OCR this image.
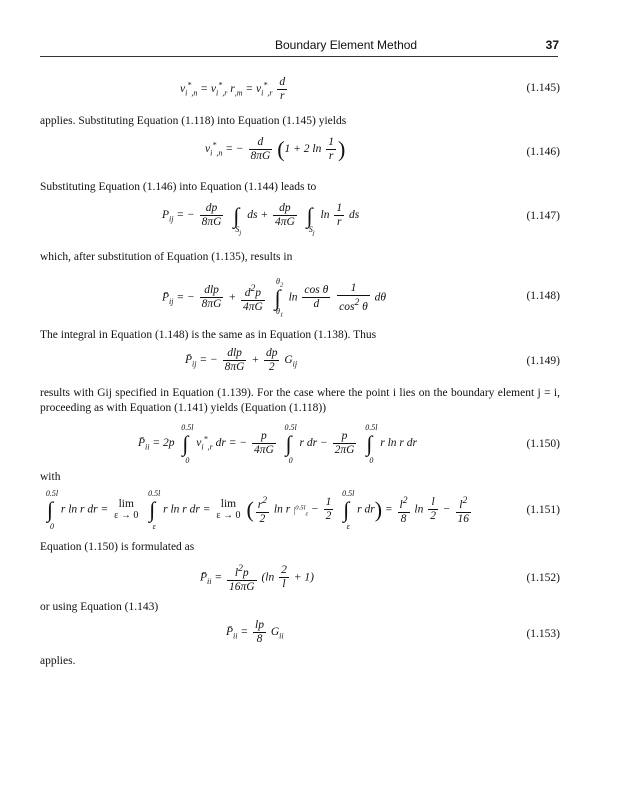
Boundary Element Method	37
$v_i^*_{,n} = v_i^*_{,r}$ $r_{,m} = v_i^*_{,r} \frac{d}{r}$	(1.145)
applies. Substituting Equation (1.118) into Equation (1.145) yields
$v_i^*_{,n}$ = − $\frac{d}{8\pi G} (1 + 2$ $\ln \frac{1}{r}$ )	(1.146)
Substituting Equation (1.146) into Equation (1.144) leads to
$P_{ij}$ = − $\frac{dp}{8\pi G}$ ∫
$S_j$
ds + $\frac{dp}{4\pi G}$ ∫
$S_j$
$\ln \frac{1}{r}$ ds	(1.147)
which, after substitution of Equation (1.135), results in
$P̄_{ij}$ = − $\frac{\text{dlp}}{8\pi G} + \frac{d^2p}{4\pi G}$ ∫
$\theta_2$
$\theta_1$
$\ln \frac{\text{cos θ}}{d}$
$\frac{1}{\cos^2 \theta}$ dθ	(1.148)
The integral in Equation (1.148) is the same as in Equation (1.138). Thus
$P̄_{ij}$ = − $\frac{\text{dlp}}{8\pi G} + \frac{dp}{2} G_{ij}$	(1.149)
results with Gij specified in Equation (1.139). For the case where the point i lies on the boundary element j = i, proceeding as with Equation (1.141) yields (Equation (1.118))
$P̄_{ii} = 2p$ ∫
0.5l
0
$v_i^*_{,r}$ dr = − $\frac{p}{4\pi G}$ ∫
0.5l
0
r dr − $\frac{p}{2\pi G}$ ∫
0.5l
0
r ln r dr	(1.150)
with
∫
0.5l
0
r ln r dr = lim
ε → 0 ∫
0.5l
ε
r ln r dr = lim
ε → 0 ( $\frac{r^2}{2}$ ln r $|^{0.5l}_\varepsilon - \frac{1}{2}$ ∫
0.5l
ε
r $dr) = \frac{l^2}{8}$ $\ln \frac{l}{2} - \frac{l^2}{16}$	(1.151)
Equation (1.150) is formulated as
$P̄_{ii} = \frac{l^2p}{16\pi G} (\ln \frac{2}{l} + 1)$	(1.152)
or using Equation (1.143)
$P̄_{ii} = \frac{lp}{8} G_{ii}$	(1.153)
applies.
